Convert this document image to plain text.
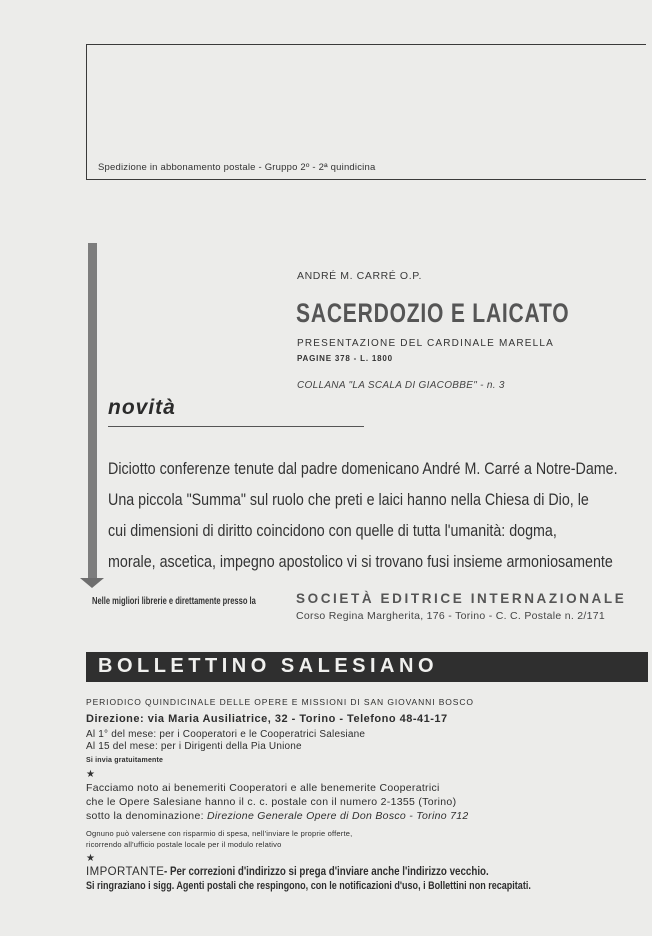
Spedizione in abbonamento postale - Gruppo 2º - 2ª quindicina
ANDRÉ M. CARRÉ O.P.
SACERDOZIO E LAICATO
PRESENTAZIONE DEL CARDINALE MARELLA
PAGINE 378 - L. 1800
COLLANA "LA SCALA DI GIACOBBE" - n. 3
novità
Diciotto conferenze tenute dal padre domenicano André M. Carré a Notre-Dame.
Una piccola "Summa" sul ruolo che preti e laici hanno nella Chiesa di Dio, le
cui dimensioni di diritto coincidono con quelle di tutta l'umanità: dogma,
morale, ascetica, impegno apostolico vi si trovano fusi insieme armoniosamente
Nelle migliori librerie e direttamente presso la	SOCIETÀ EDITRICE INTERNAZIONALE
Corso Regina Margherita, 176 - Torino - C. C. Postale n. 2/171
BOLLETTINO SALESIANO
PERIODICO QUINDICINALE DELLE OPERE E MISSIONI DI SAN GIOVANNI BOSCO
Direzione: via Maria Ausiliatrice, 32 - Torino - Telefono 48-41-17
Al 1° del mese: per i Cooperatori e le Cooperatrici Salesiane
Al 15 del mese: per i Dirigenti della Pia Unione
Si invia gratuitamente
★
Facciamo noto ai benemeriti Cooperatori e alle benemerite Cooperatrici
che le Opere Salesiane hanno il c. c. postale con il numero 2-1355 (Torino)
sotto la denominazione: Direzione Generale Opere di Don Bosco - Torino 712
Ognuno può valersene con risparmio di spesa, nell'inviare le proprie offerte,
ricorrendo all'ufficio postale locale per il modulo relativo
★
IMPORTANTE- Per correzioni d'indirizzo si prega d'inviare anche l'indirizzo vecchio.
Si ringraziano i sigg. Agenti postali che respingono, con le notificazioni d'uso, i Bollettini non recapitati.
